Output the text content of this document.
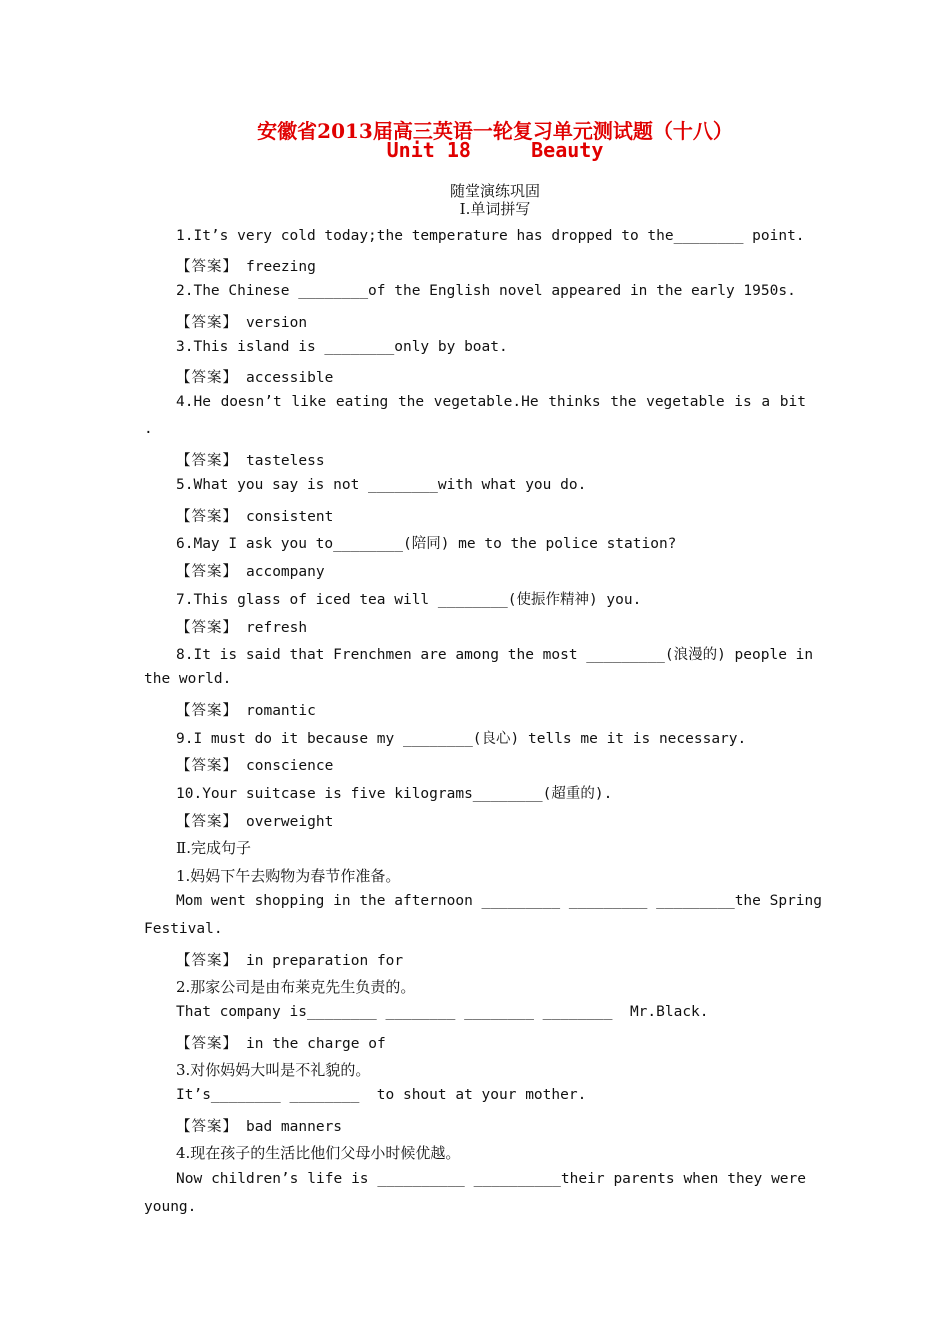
安徽省2013届高三英语一轮复习单元测试题（十八）
Unit 18     Beauty
随堂演练巩固
Ⅰ.单词拼写
1.It’s very cold today;the temperature has dropped to the________ point.
【答案】 freezing
2.The Chinese ________of the English novel appeared in the early 1950s.
【答案】 version
3.This island is ________only by boat.
【答案】 accessible
4.He doesn’t like eating the vegetable.He thinks the vegetable is a bit
.
【答案】 tasteless
5.What you say is not ________with what you do.
【答案】 consistent
6.May I ask you to________(陪同) me to the police station?
【答案】 accompany
7.This glass of iced tea will ________(使振作精神) you.
【答案】 refresh
8.It is said that Frenchmen are among the most _________(浪漫的) people in
the world.
【答案】 romantic
9.I must do it because my ________(良心) tells me it is necessary.
【答案】 conscience
10.Your suitcase is five kilograms________(超重的).
【答案】 overweight
Ⅱ.完成句子
1.妈妈下午去购物为春节作准备。
Mom went shopping in the afternoon _________ _________ _________the Spring
Festival.
【答案】 in preparation for
2.那家公司是由布莱克先生负责的。
That company is________ ________ ________ ________  Mr.Black.
【答案】 in the charge of
3.对你妈妈大叫是不礼貌的。
It’s________ ________  to shout at your mother.
【答案】 bad manners
4.现在孩子的生活比他们父母小时候优越。
Now children’s life is __________ __________their parents when they were
young.
